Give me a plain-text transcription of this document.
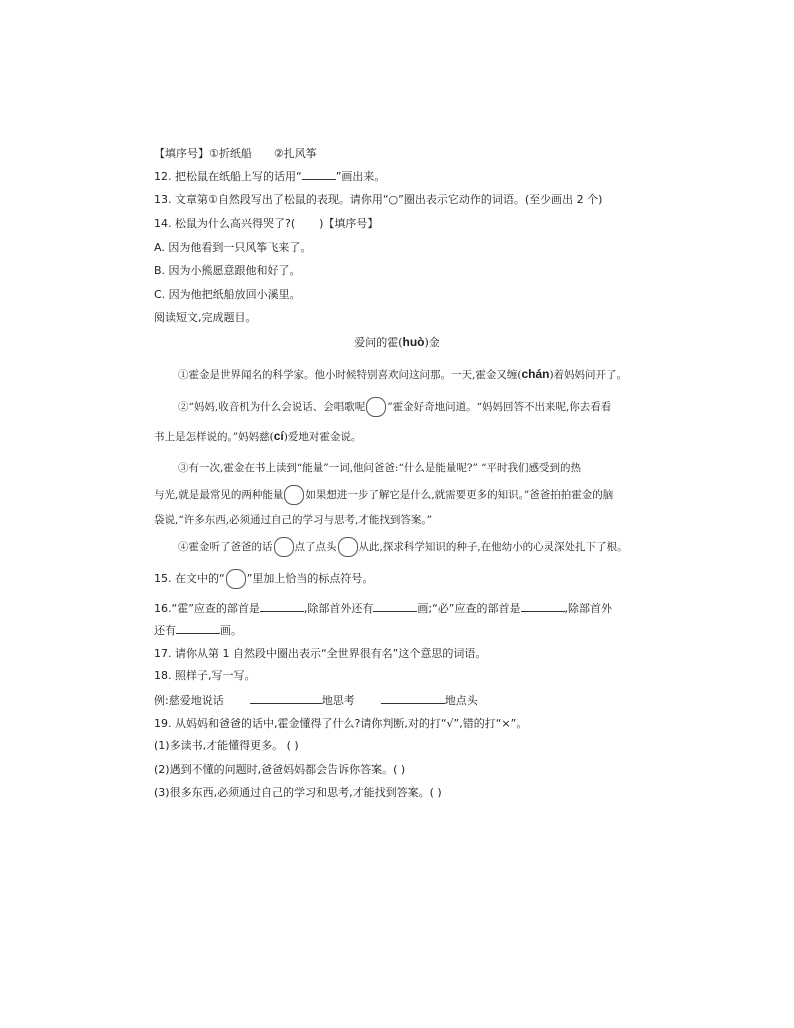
【填序号】①折纸船 ②扎风筝
12. 把松鼠在纸船上写的话用“	”画出来。
13. 文章第①自然段写出了松鼠的表现。请你用“○”圈出表示它动作的词语。(至少画出 2 个)
14. 松鼠为什么高兴得哭了?( )【填序号】
A. 因为他看到一只风筝飞来了。
B. 因为小熊愿意跟他和好了。
C. 因为他把纸船放回小溪里。
阅读短文,完成题目。
爱问的霍(huò)金
①霍金是世界闻名的科学家。他小时候特别喜欢问这问那。一天,霍金又缠(chán)着妈妈问开了。
②“妈妈,收音机为什么会说话、会唱歌呢 ”霍金好奇地问道。“妈妈回答不出来呢,你去看看
书上是怎样说的。”妈妈慈(cí)爱地对霍金说。
③有一次,霍金在书上读到“能量”一词,他问爸爸:“什么是能量呢?” “平时我们感受到的热
与光,就是最常见的两种能量 如果想进一步了解它是什么,就需要更多的知识。”爸爸拍拍霍金的脑
袋说,“许多东西,必须通过自己的学习与思考,才能找到答案。”
④霍金听了爸爸的话 点了点头 从此,探求科学知识的种子,在他幼小的心灵深处扎下了根。
15. 在文中的“ ”里加上恰当的标点符号。
16.“霍”应查的部首是	,除部首外还有	画;“必”应查的部首是	,除部首外
还有	画。
17. 请你从第 1 自然段中圈出表示“全世界很有名”这个意思的词语。
18. 照样子,写一写。
例:慈爱地说话	地思考	地点头
19. 从妈妈和爸爸的话中,霍金懂得了什么?请你判断,对的打“√”,错的打“×”。
(1)多读书,才能懂得更多。 ( )
(2)遇到不懂的问题时,爸爸妈妈都会告诉你答案。( )
(3)很多东西,必须通过自己的学习和思考,才能找到答案。( )
